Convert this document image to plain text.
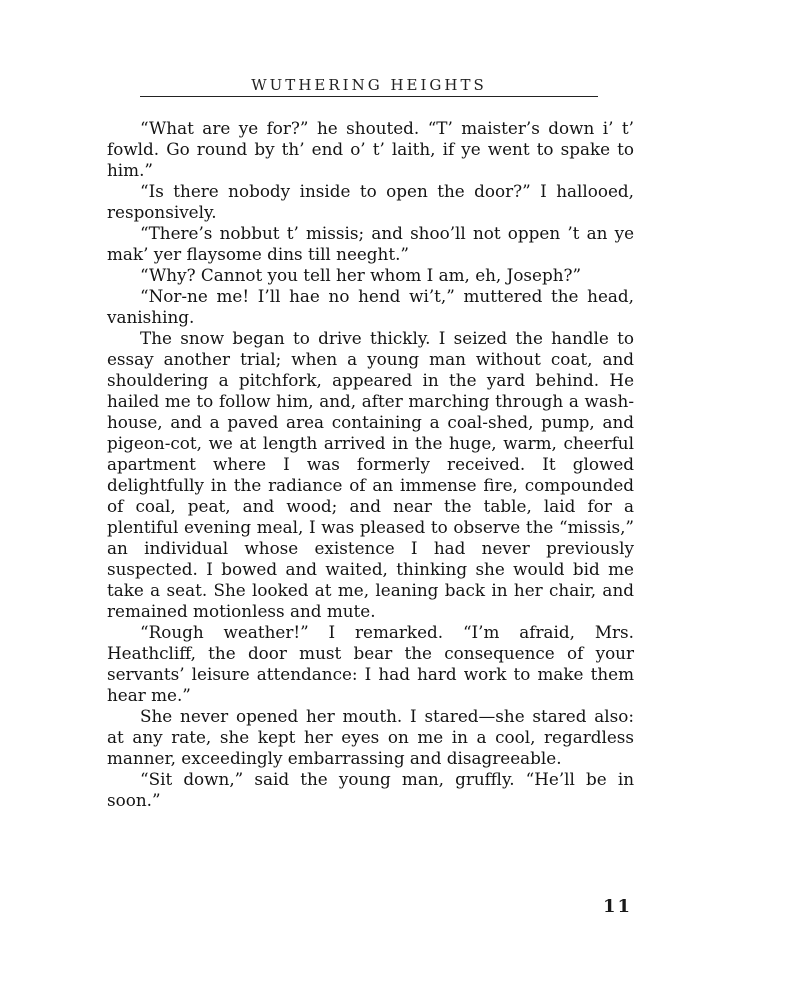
WUTHERING HEIGHTS

“What are ye for?” he shouted. “T’ maister’s down i’ t’ fowld. Go round by th’ end o’ t’ laith, if ye went to spake to him.”

“Is there nobody inside to open the door?” I hallooed, responsively.

“There’s nobbut t’ missis; and shoo’ll not oppen ’t an ye mak’ yer flaysome dins till neeght.”

“Why? Cannot you tell her whom I am, eh, Joseph?”

“Nor-ne me! I’ll hae no hend wi’t,” muttered the head, vanishing.

The snow began to drive thickly. I seized the handle to essay another trial; when a young man without coat, and shouldering a pitchfork, appeared in the yard behind. He hailed me to follow him, and, after marching through a wash-house, and a paved area containing a coal-shed, pump, and pigeon-cot, we at length arrived in the huge, warm, cheerful apartment where I was formerly received. It glowed delightfully in the radiance of an immense fire, compounded of coal, peat, and wood; and near the table, laid for a plentiful evening meal, I was pleased to observe the “missis,” an individual whose existence I had never previously suspected. I bowed and waited, thinking she would bid me take a seat. She looked at me, leaning back in her chair, and remained motionless and mute.

“Rough weather!” I remarked. “I’m afraid, Mrs. Heathcliff, the door must bear the consequence of your servants’ leisure attendance: I had hard work to make them hear me.”

She never opened her mouth. I stared—she stared also: at any rate, she kept her eyes on me in a cool, regardless manner, exceedingly embarrassing and disagreeable.

“Sit down,” said the young man, gruffly. “He’ll be in soon.”

11
